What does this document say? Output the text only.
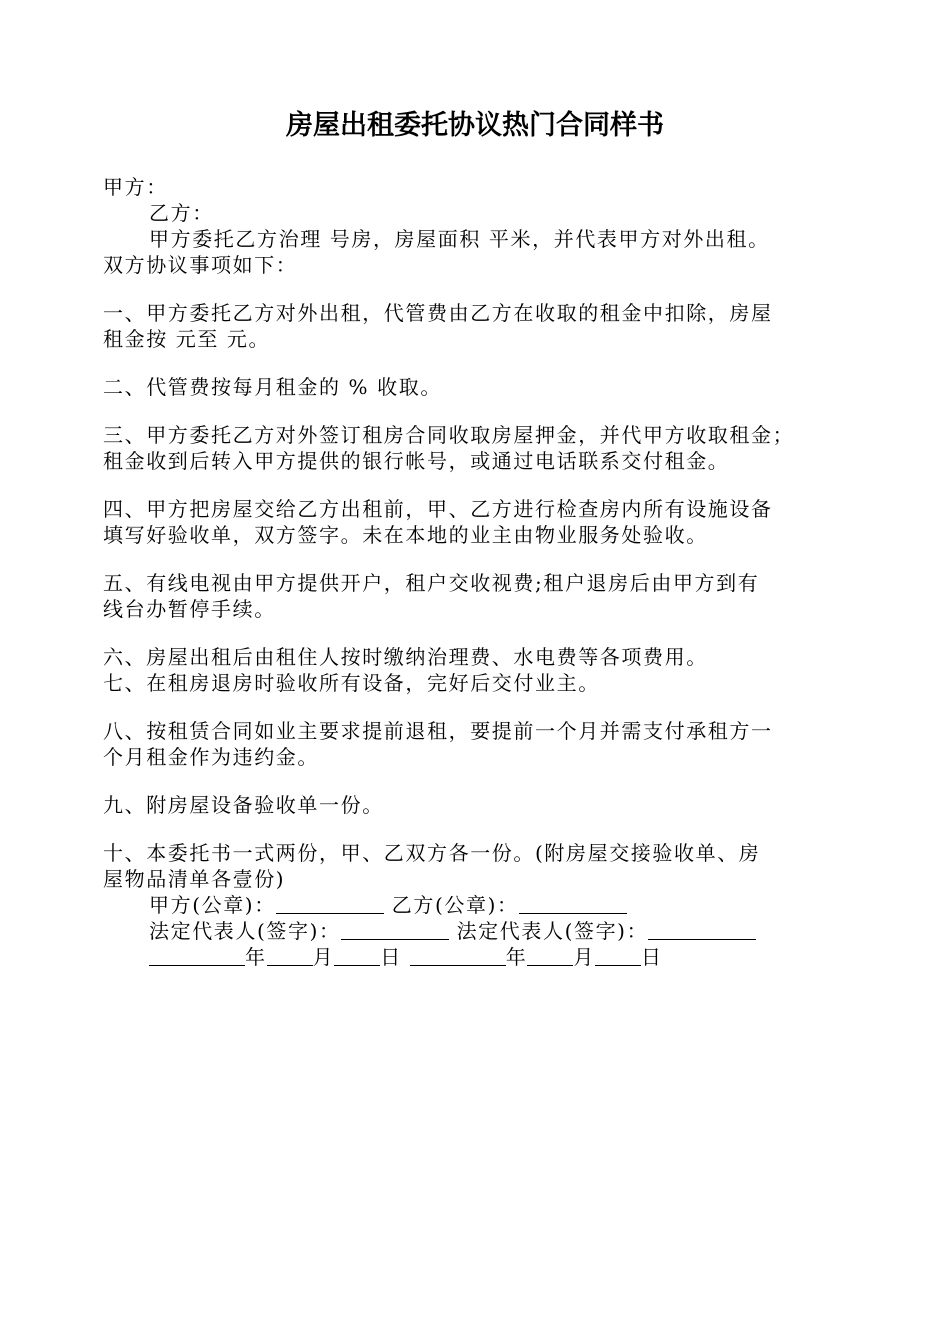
房屋出租委托协议热门合同样书
甲方：
乙方：
甲方委托乙方治理 号房，房屋面积 平米，并代表甲方对外出租。
双方协议事项如下：
一、甲方委托乙方对外出租，代管费由乙方在收取的租金中扣除，房屋
租金按 元至 元。
二、代管费按每月租金的 % 收取。
三、甲方委托乙方对外签订租房合同收取房屋押金，并代甲方收取租金；
租金收到后转入甲方提供的银行帐号，或通过电话联系交付租金。
四、甲方把房屋交给乙方出租前，甲、乙方进行检查房内所有设施设备
填写好验收单，双方签字。未在本地的业主由物业服务处验收。
五、有线电视由甲方提供开户，租户交收视费;租户退房后由甲方到有
线台办暂停手续。
六、房屋出租后由租住人按时缴纳治理费、水电费等各项费用。
七、在租房退房时验收所有设备，完好后交付业主。
八、按租赁合同如业主要求提前退租，要提前一个月并需支付承租方一
个月租金作为违约金。
九、附房屋设备验收单一份。
十、本委托书一式两份，甲、乙双方各一份。(附房屋交接验收单、房
屋物品清单各壹份)
甲方(公章)：	乙方(公章)：
法定代表人(签字)：	法定代表人(签字)：
年 月 日	年 月 日
